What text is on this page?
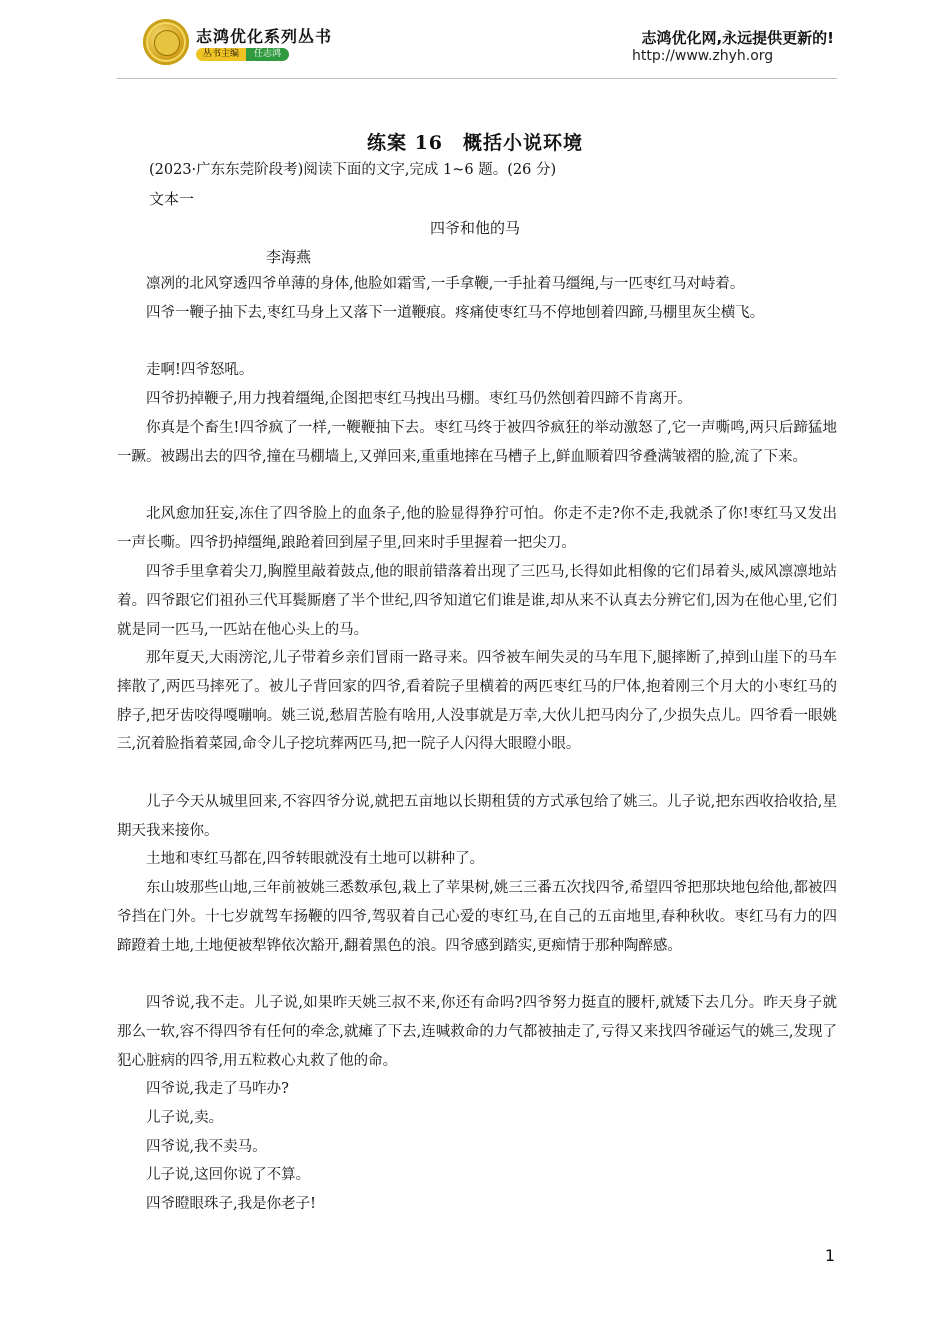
志鸿优化系列丛书
丛书主编	任志鸿
志鸿优化网,永远提供更新的!
http://www.zhyh.org
练案 16　概括小说环境
(2023·广东东莞阶段考)阅读下面的文字,完成 1~6 题。(26 分)
文本一
四爷和他的马
李海燕

凛冽的北风穿透四爷单薄的身体,他脸如霜雪,一手拿鞭,一手扯着马缰绳,与一匹枣红马对峙着。

四爷一鞭子抽下去,枣红马身上又落下一道鞭痕。疼痛使枣红马不停地刨着四蹄,马棚里灰尘横飞。

走啊!四爷怒吼。

四爷扔掉鞭子,用力拽着缰绳,企图把枣红马拽出马棚。枣红马仍然刨着四蹄不肯离开。

你真是个畜生!四爷疯了一样,一鞭鞭抽下去。枣红马终于被四爷疯狂的举动激怒了,它一声嘶鸣,两只后蹄猛地一蹶。被踢出去的四爷,撞在马棚墙上,又弹回来,重重地摔在马槽子上,鲜血顺着四爷叠满皱褶的脸,流了下来。

北风愈加狂妄,冻住了四爷脸上的血条子,他的脸显得狰狞可怕。你走不走?你不走,我就杀了你!枣红马又发出一声长嘶。四爷扔掉缰绳,踉跄着回到屋子里,回来时手里握着一把尖刀。

四爷手里拿着尖刀,胸膛里敲着鼓点,他的眼前错落着出现了三匹马,长得如此相像的它们昂着头,威风凛凛地站着。四爷跟它们祖孙三代耳鬓厮磨了半个世纪,四爷知道它们谁是谁,却从来不认真去分辨它们,因为在他心里,它们就是同一匹马,一匹站在他心头上的马。

那年夏天,大雨滂沱,儿子带着乡亲们冒雨一路寻来。四爷被车闸失灵的马车甩下,腿摔断了,掉到山崖下的马车摔散了,两匹马摔死了。被儿子背回家的四爷,看着院子里横着的两匹枣红马的尸体,抱着刚三个月大的小枣红马的脖子,把牙齿咬得嘎嘣响。姚三说,愁眉苦脸有啥用,人没事就是万幸,大伙儿把马肉分了,少损失点儿。四爷看一眼姚三,沉着脸指着菜园,命令儿子挖坑葬两匹马,把一院子人闪得大眼瞪小眼。

儿子今天从城里回来,不容四爷分说,就把五亩地以长期租赁的方式承包给了姚三。儿子说,把东西收拾收拾,星期天我来接你。

土地和枣红马都在,四爷转眼就没有土地可以耕种了。

东山坡那些山地,三年前被姚三悉数承包,栽上了苹果树,姚三三番五次找四爷,希望四爷把那块地包给他,都被四爷挡在门外。十七岁就驾车扬鞭的四爷,驾驭着自己心爱的枣红马,在自己的五亩地里,春种秋收。枣红马有力的四蹄蹬着土地,土地便被犁铧依次豁开,翻着黑色的浪。四爷感到踏实,更痴情于那种陶醉感。

四爷说,我不走。儿子说,如果昨天姚三叔不来,你还有命吗?四爷努力挺直的腰杆,就矮下去几分。昨天身子就那么一软,容不得四爷有任何的牵念,就瘫了下去,连喊救命的力气都被抽走了,亏得又来找四爷碰运气的姚三,发现了犯心脏病的四爷,用五粒救心丸救了他的命。

四爷说,我走了马咋办?

儿子说,卖。

四爷说,我不卖马。

儿子说,这回你说了不算。

四爷瞪眼珠子,我是你老子!

1
